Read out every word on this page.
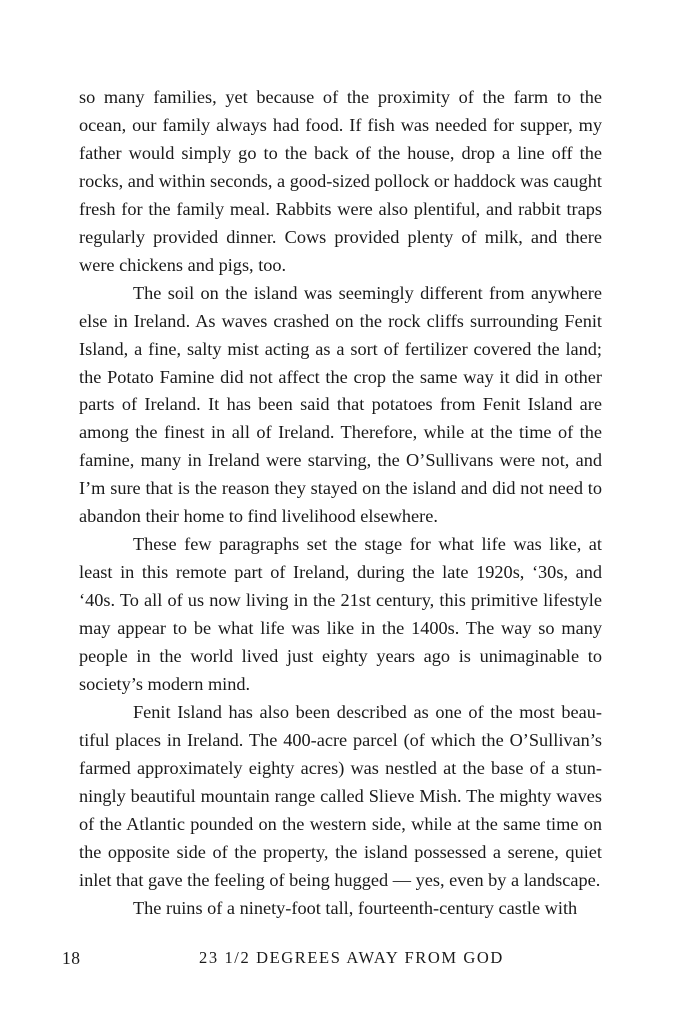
so many families, yet because of the proximity of the farm to the ocean, our family always had food. If fish was needed for supper, my father would simply go to the back of the house, drop a line off the rocks, and within seconds, a good-sized pollock or haddock was caught fresh for the family meal. Rabbits were also plentiful, and rabbit traps regularly provided dinner. Cows provided plenty of milk, and there were chickens and pigs, too.

The soil on the island was seemingly different from anywhere else in Ireland. As waves crashed on the rock cliffs surrounding Fenit Island, a fine, salty mist acting as a sort of fertilizer covered the land; the Potato Famine did not affect the crop the same way it did in other parts of Ireland. It has been said that potatoes from Fenit Island are among the finest in all of Ireland. Therefore, while at the time of the famine, many in Ireland were starving, the O’Sullivans were not, and I’m sure that is the reason they stayed on the island and did not need to abandon their home to find livelihood elsewhere.

These few paragraphs set the stage for what life was like, at least in this remote part of Ireland, during the late 1920s, ‘30s, and ‘40s. To all of us now living in the 21st century, this primitive lifestyle may appear to be what life was like in the 1400s. The way so many people in the world lived just eighty years ago is unimaginable to society’s modern mind.

Fenit Island has also been described as one of the most beautiful places in Ireland. The 400-acre parcel (of which the O’Sullivan’s farmed approximately eighty acres) was nestled at the base of a stunningly beautiful mountain range called Slieve Mish. The mighty waves of the Atlantic pounded on the western side, while at the same time on the opposite side of the property, the island possessed a serene, quiet inlet that gave the feeling of being hugged — yes, even by a landscape.

The ruins of a ninety-foot tall, fourteenth-century castle with

18	23 1/2 DEGREES AWAY FROM GOD
